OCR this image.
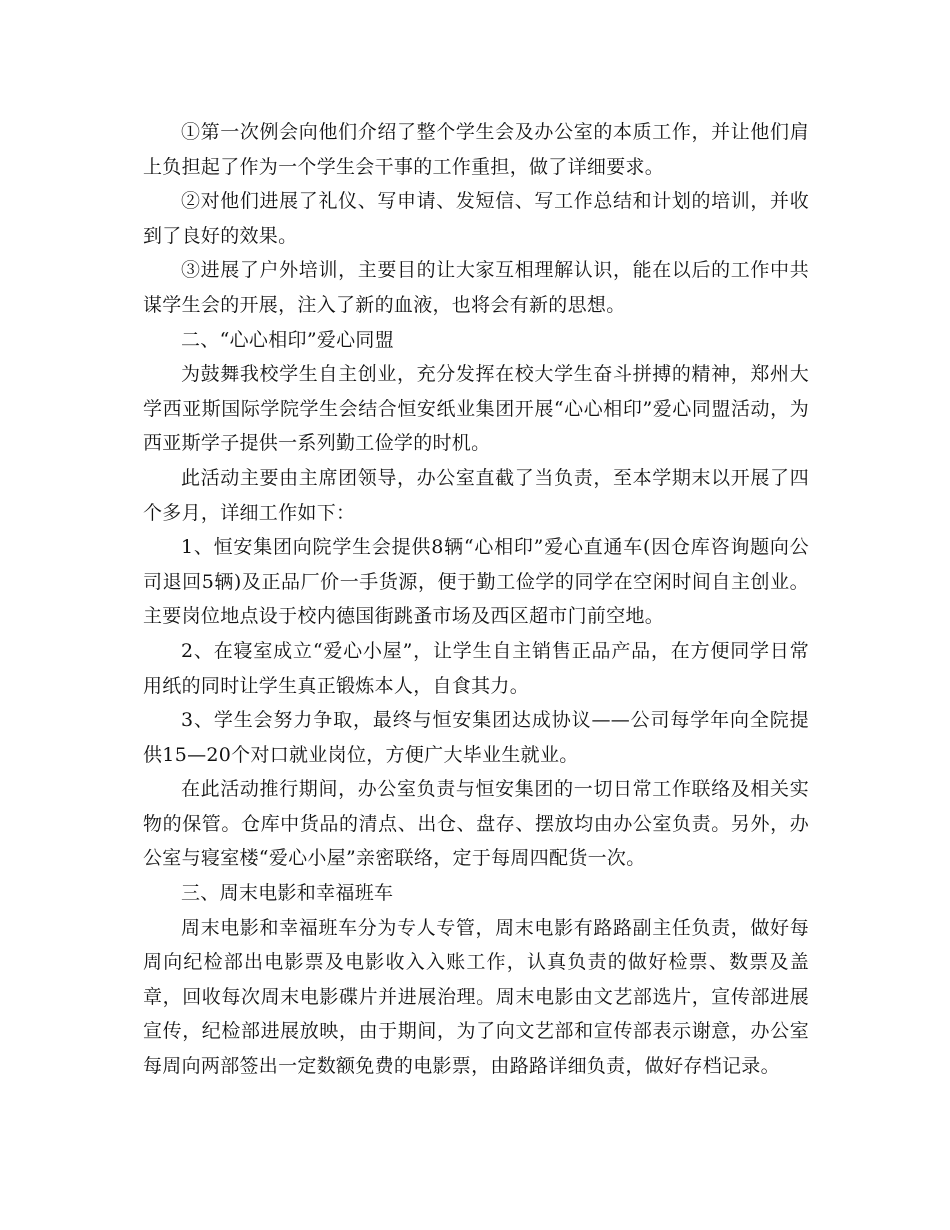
①第一次例会向他们介绍了整个学生会及办公室的本质工作，并让他们肩上负担起了作为一个学生会干事的工作重担，做了详细要求。

②对他们进展了礼仪、写申请、发短信、写工作总结和计划的培训，并收到了良好的效果。

③进展了户外培训，主要目的让大家互相理解认识，能在以后的工作中共谋学生会的开展，注入了新的血液，也将会有新的思想。

二、“心心相印”爱心同盟

为鼓舞我校学生自主创业，充分发挥在校大学生奋斗拼搏的精神，郑州大学西亚斯国际学院学生会结合恒安纸业集团开展“心心相印”爱心同盟活动，为西亚斯学子提供一系列勤工俭学的时机。

此活动主要由主席团领导，办公室直截了当负责，至本学期末以开展了四个多月，详细工作如下：

1、恒安集团向院学生会提供8辆“心相印”爱心直通车(因仓库咨询题向公司退回5辆)及正品厂价一手货源，便于勤工俭学的同学在空闲时间自主创业。主要岗位地点设于校内德国街跳蚤市场及西区超市门前空地。

2、在寝室成立“爱心小屋”，让学生自主销售正品产品，在方便同学日常用纸的同时让学生真正锻炼本人，自食其力。

3、学生会努力争取，最终与恒安集团达成协议——公司每学年向全院提供15—20个对口就业岗位，方便广大毕业生就业。

在此活动推行期间，办公室负责与恒安集团的一切日常工作联络及相关实物的保管。仓库中货品的清点、出仓、盘存、摆放均由办公室负责。另外，办公室与寝室楼“爱心小屋”亲密联络，定于每周四配货一次。

三、周末电影和幸福班车

周末电影和幸福班车分为专人专管，周末电影有路路副主任负责，做好每周向纪检部出电影票及电影收入入账工作，认真负责的做好检票、数票及盖章，回收每次周末电影碟片并进展治理。周末电影由文艺部选片，宣传部进展宣传，纪检部进展放映，由于期间，为了向文艺部和宣传部表示谢意，办公室每周向两部签出一定数额免费的电影票，由路路详细负责，做好存档记录。
